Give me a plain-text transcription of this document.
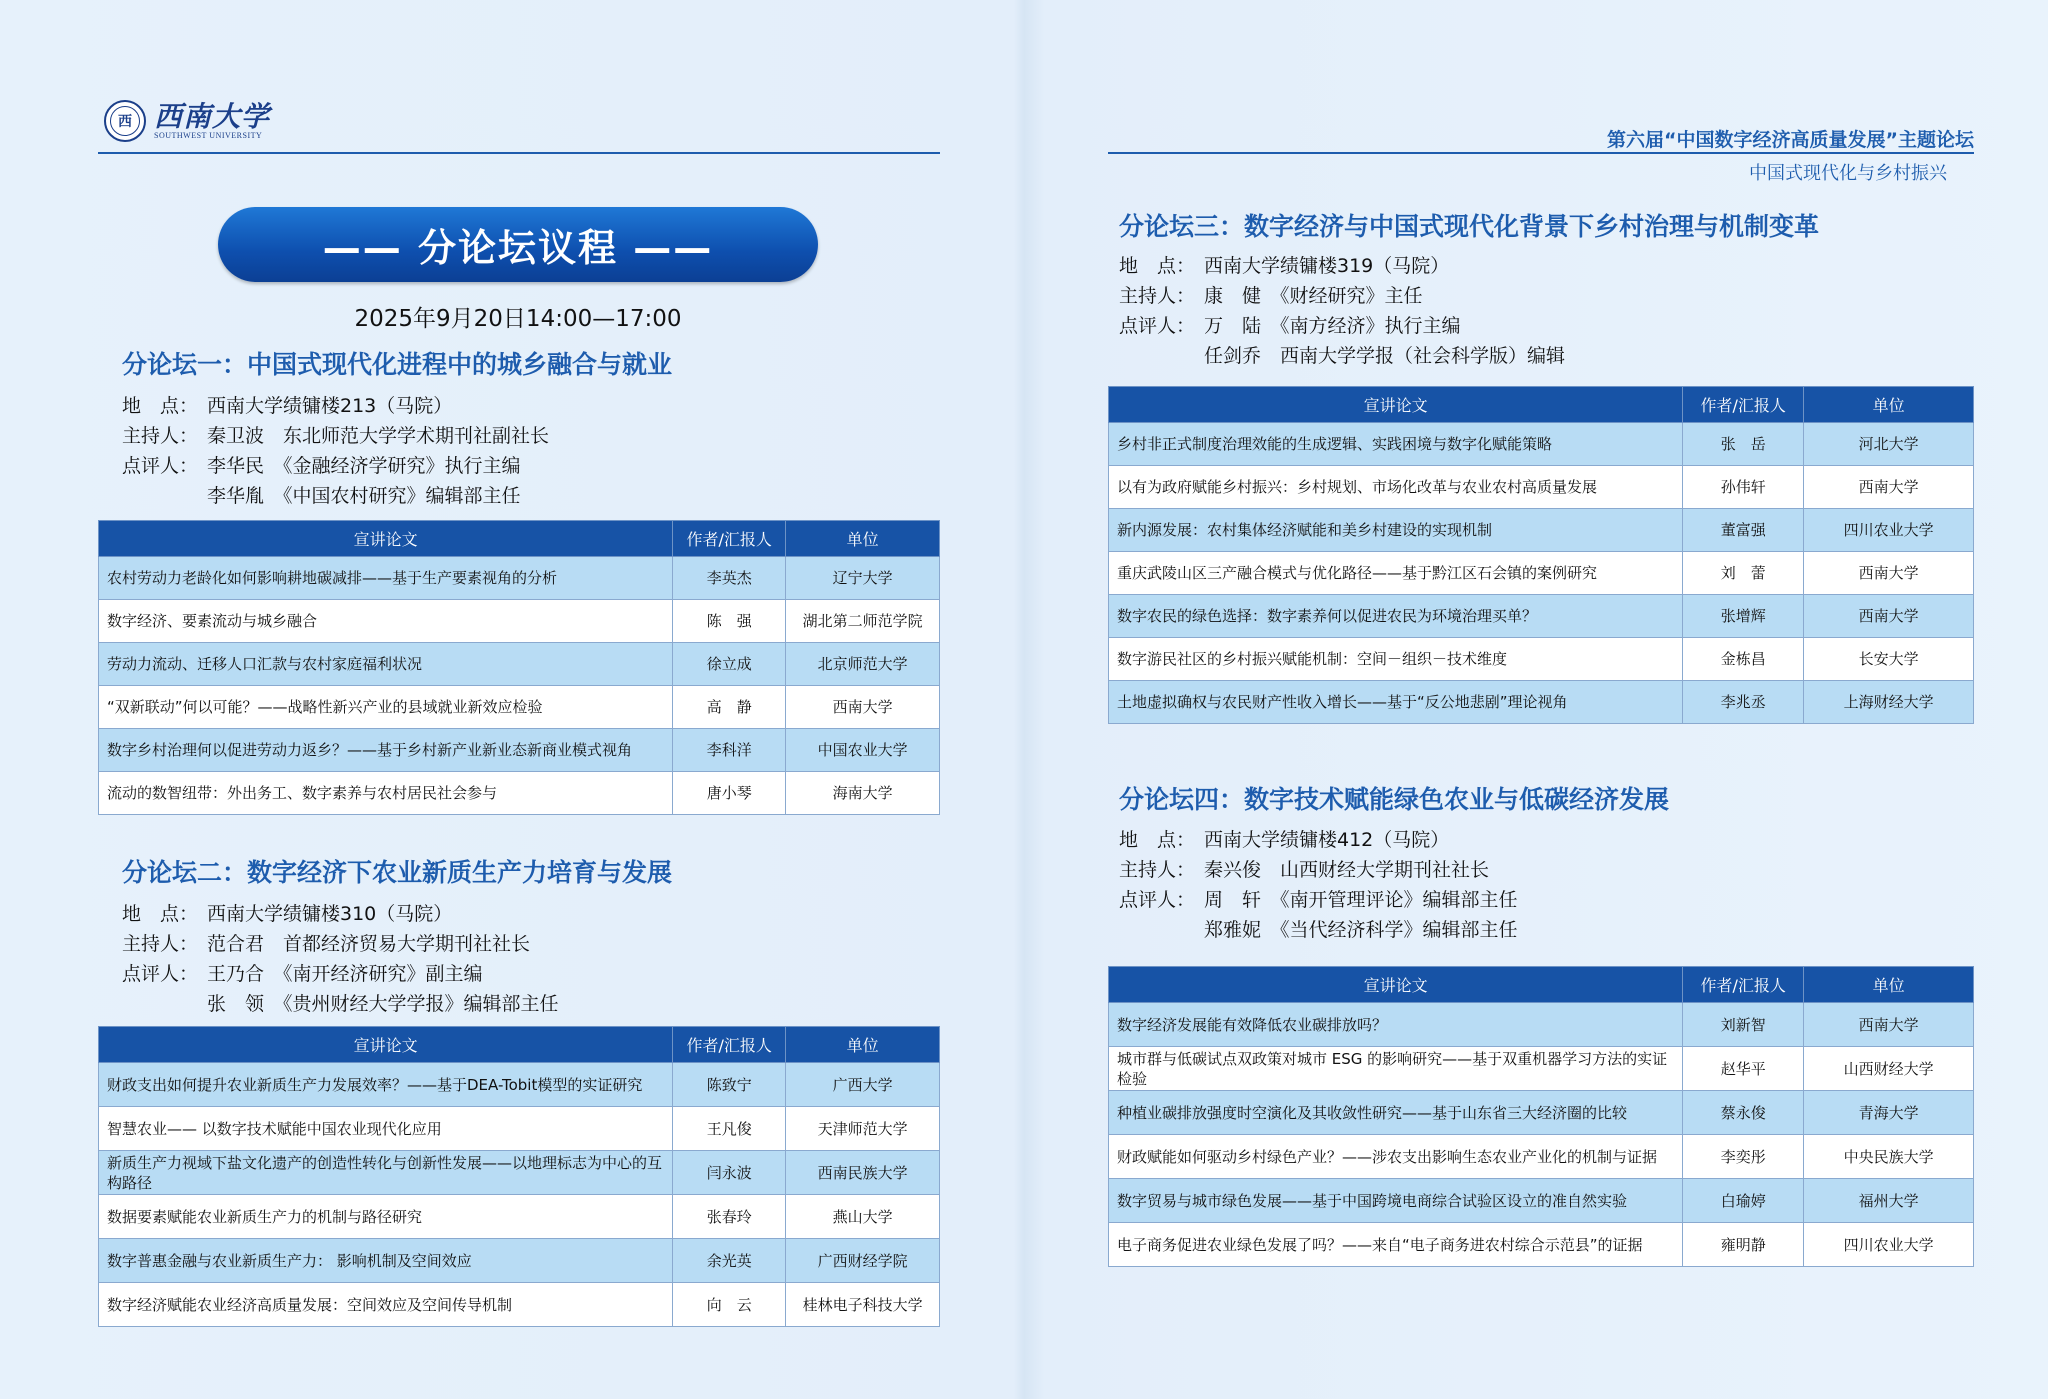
西 西南大学
SOUTHWEST UNIVERSITY
—— 分论坛议程 ——
2025年9月20日14:00—17:00
分论坛一：中国式现代化进程中的城乡融合与就业
地　点： 西南大学绩镛楼213（马院）
主持人： 秦卫波　东北师范大学学术期刊社副社长
点评人： 李华民　《金融经济学研究》执行主编
李华胤　《中国农村研究》编辑部主任
宣讲论文	作者/汇报人	单位
农村劳动力老龄化如何影响耕地碳减排——基于生产要素视角的分析	李英杰	辽宁大学
数字经济、要素流动与城乡融合	陈　强	湖北第二师范学院
劳动力流动、迁移人口汇款与农村家庭福利状况	徐立成	北京师范大学
“双新联动”何以可能？——战略性新兴产业的县域就业新效应检验	高　静	西南大学
数字乡村治理何以促进劳动力返乡？——基于乡村新产业新业态新商业模式视角	李科洋	中国农业大学
流动的数智纽带：外出务工、数字素养与农村居民社会参与	唐小琴	海南大学
分论坛二：数字经济下农业新质生产力培育与发展
地　点： 西南大学绩镛楼310（马院）
主持人： 范合君　首都经济贸易大学期刊社社长
点评人： 王乃合　《南开经济研究》副主编
张　领　《贵州财经大学学报》编辑部主任
宣讲论文	作者/汇报人	单位
财政支出如何提升农业新质生产力发展效率？——基于DEA-Tobit模型的实证研究	陈致宁	广西大学
智慧农业—— 以数字技术赋能中国农业现代化应用	王凡俊	天津师范大学
新质生产力视域下盐文化遗产的创造性转化与创新性发展——以地理标志为中心的互构路径	闫永波	西南民族大学
数据要素赋能农业新质生产力的机制与路径研究	张春玲	燕山大学
数字普惠金融与农业新质生产力： 影响机制及空间效应	余光英	广西财经学院
数字经济赋能农业经济高质量发展：空间效应及空间传导机制	向　云	桂林电子科技大学
第六届“中国数字经济高质量发展”主题论坛
中国式现代化与乡村振兴
分论坛三：数字经济与中国式现代化背景下乡村治理与机制变革
地　点： 西南大学绩镛楼319（马院）
主持人： 康　健　《财经研究》主任
点评人： 万　陆　《南方经济》执行主编
任剑乔　西南大学学报（社会科学版）编辑
宣讲论文	作者/汇报人	单位
乡村非正式制度治理效能的生成逻辑、实践困境与数字化赋能策略	张　岳	河北大学
以有为政府赋能乡村振兴：乡村规划、市场化改革与农业农村高质量发展	孙伟轩	西南大学
新内源发展：农村集体经济赋能和美乡村建设的实现机制	董富强	四川农业大学
重庆武陵山区三产融合模式与优化路径——基于黔江区石会镇的案例研究	刘　蕾	西南大学
数字农民的绿色选择：数字素养何以促进农民为环境治理买单？	张增辉	西南大学
数字游民社区的乡村振兴赋能机制：空间－组织－技术维度	金栋昌	长安大学
土地虚拟确权与农民财产性收入增长——基于“反公地悲剧”理论视角	李兆丞	上海财经大学
分论坛四：数字技术赋能绿色农业与低碳经济发展
地　点： 西南大学绩镛楼412（马院）
主持人： 秦兴俊　山西财经大学期刊社社长
点评人： 周　轩　《南开管理评论》编辑部主任
郑雅妮　《当代经济科学》编辑部主任
宣讲论文	作者/汇报人	单位
数字经济发展能有效降低农业碳排放吗？	刘新智	西南大学
城市群与低碳试点双政策对城市 ESG 的影响研究——基于双重机器学习方法的实证检验	赵华平	山西财经大学
种植业碳排放强度时空演化及其收敛性研究——基于山东省三大经济圈的比较	蔡永俊	青海大学
财政赋能如何驱动乡村绿色产业？——涉农支出影响生态农业产业化的机制与证据	李奕彤	中央民族大学
数字贸易与城市绿色发展——基于中国跨境电商综合试验区设立的准自然实验	白瑜婷	福州大学
电子商务促进农业绿色发展了吗？——来自“电子商务进农村综合示范县”的证据	雍明静	四川农业大学
